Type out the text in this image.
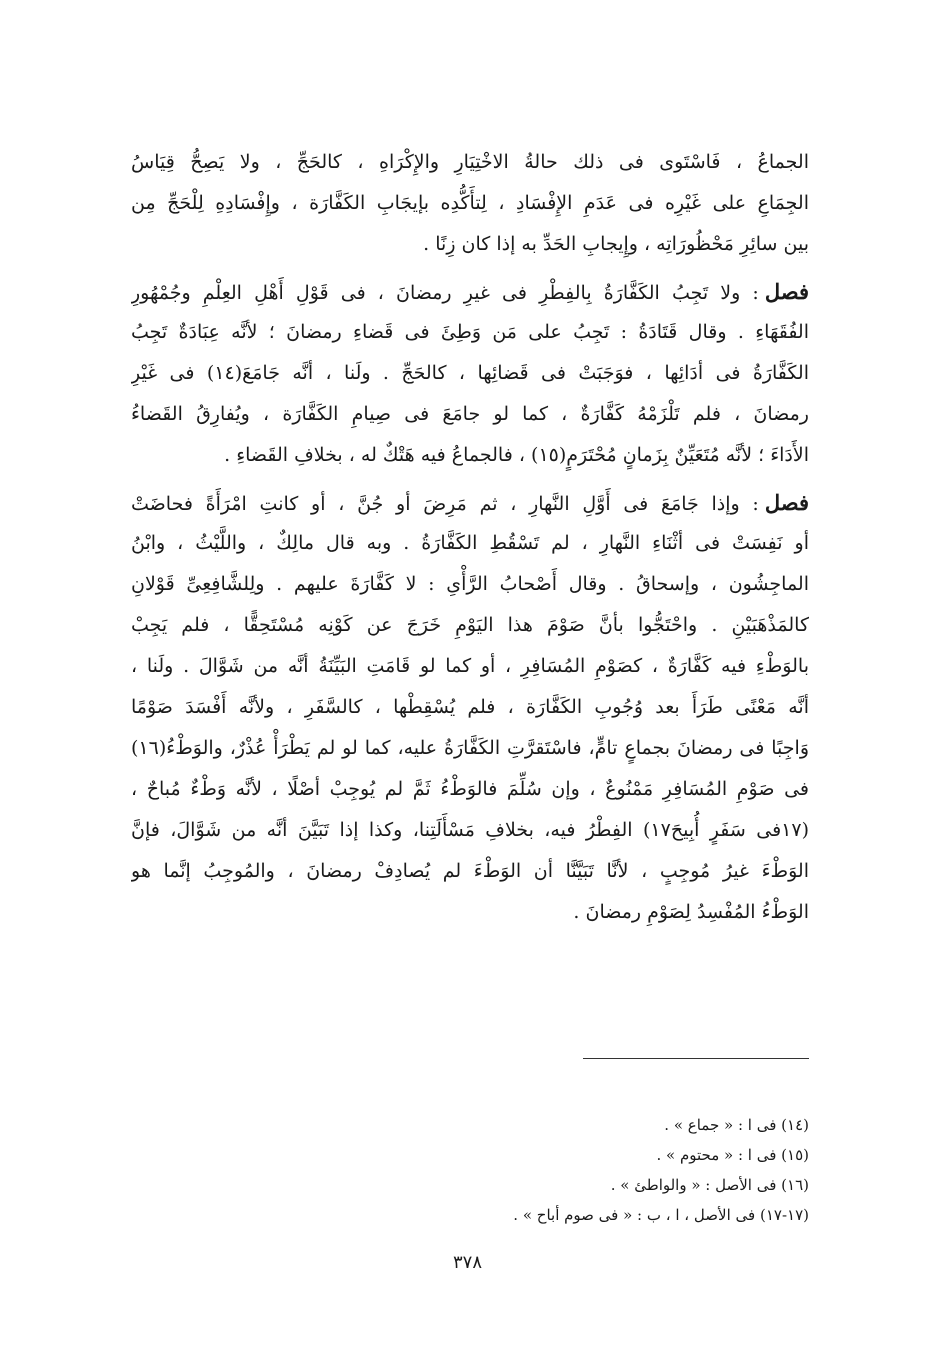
الجماعُ ، فَاسْتَوى فى ذلك حالةُ الاخْتِيَارِ والإِكْرَاهِ ، كالحَجِّ ، ولا يَصِحُّ قِيَاسُ
الجِمَاعِ على غَيْرِه فى عَدَمِ الإِفْسَادِ ، لِتأَكُّدِه بإيجَابِ الكَفَّارَة ، وإِفْسَادِهِ لِلْحَجِّ مِن
بين سائِرِ مَحْظُورَاتِه ، وإِيجابِ الحَدِّ به إذا كان زِنًا .
فصل: ولا تَجِبُ الكَفَّارَةُ بِالفِطْرِ فى غيرِ رمضانَ ، فى قَوْلِ أَهْلِ العِلْمِ وجُمْهُورِ
الفُقَهَاءِ . وقال قَتَادَةُ : تَجِبُ على مَن وَطِئَ فى قَضاءِ رمضانَ ؛ لأنَّه عِبَادَةٌ تَجِبُ
الكَفَّارَةُ فى أدَائِها ، فوَجَبَتْ فى قَضائِها ، كالحَجِّ . ولَنا ، أنَّه جَامَعَ(١٤) فى غَيْرِ
رمضانَ ، فلم تَلْزَمْهُ كَفَّارَةٌ ، كما لو جامَعَ فى صِيامِ الكَفَّارَة ، ويُفارِقُ القَضاءُ
الأَدَاءَ ؛ لأنَّه مُتَعَيِّنٌ بِزَمانٍ مُحْتَرَمٍ(١٥) ، فالجماعُ فيه هَتْكٌ له ، بخلافِ القَضاءِ .
فصل: وإذا جَامَعَ فى أَوَّلِ النَّهارِ ، ثم مَرِضَ أو جُنَّ ، أو كانتِ امْرَأَةً فحاضَتْ
أو نَفِسَتْ فى أثْنَاءِ النَّهارِ ، لم تَسْقُطِ الكَفَّارَةُ . وبه قال مالِكٌ ، واللَّيْثُ ، وابْنُ
الماجِشُون ، وإسحاقُ . وقال أَصْحابُ الرَّأْىِ : لا كَفَّارَةَ عليهم . ولِلشَّافِعِىِّ قَوْلانِ
كالمَذْهَبَيْنِ . واحْتَجُّوا بأنَّ صَوْمَ هذا اليَوْمِ خَرَجَ عن كَوْنِه مُسْتَحِقًّا ، فلم يَجِبْ
بالوَطْءِ فيه كَفَّارَةٌ ، كصَوْمِ المُسَافِرِ ، أو كما لو قَامَتِ البَيِّنَةُ أنَّه من شَوَّالَ . ولَنا ،
أنَّه مَعْنًى طَرَأَ بعد وُجُوبِ الكَفَّارَة ، فلم يُسْقِطْها ، كالسَّفَرِ ، ولأنَّه أَفْسَدَ صَوْمًا
وَاجِبًا فى رمضانَ بجماعٍ تامٍّ، فاسْتَقرَّتِ الكَفَّارَةُ عليه، كما لو لم يَطْرَأْ عُذْرٌ، والوَطْءُ(١٦)
فى صَوْمِ المُسَافِرِ مَمْنُوعٌ ، وإن سُلِّمَ فالوَطْءُ ثَمَّ لم يُوجِبْ أصْلًا ، لأنَّه وَطْءٌ مُباحٌ ،
(١٧فى سَفَرٍ أُبِيحَ١٧) الفِطْرُ فيه، بخلافِ مَسْأَلَتِنا، وكذا إذا تَبَيَّنَ أنَّه من شَوَّالَ، فإنَّ
الوَطْءَ غيرُ مُوجِبٍ ، لأنَّا تَبَيَّنَّا أن الوَطْءَ لم يُصادِفْ رمضانَ ، والمُوجِبُ إنَّما هو
الوَطْءُ المُفْسِدُ لِصَوْمِ رمضانَ .
(١٤) فى ا : « جماع » .
(١٥) فى ا : « محتوم » .
(١٦) فى الأصل : « والواطئ » .
(١٧-١٧) فى الأصل ، ا ، ب : « فى صوم أباح » .
٣٧٨
